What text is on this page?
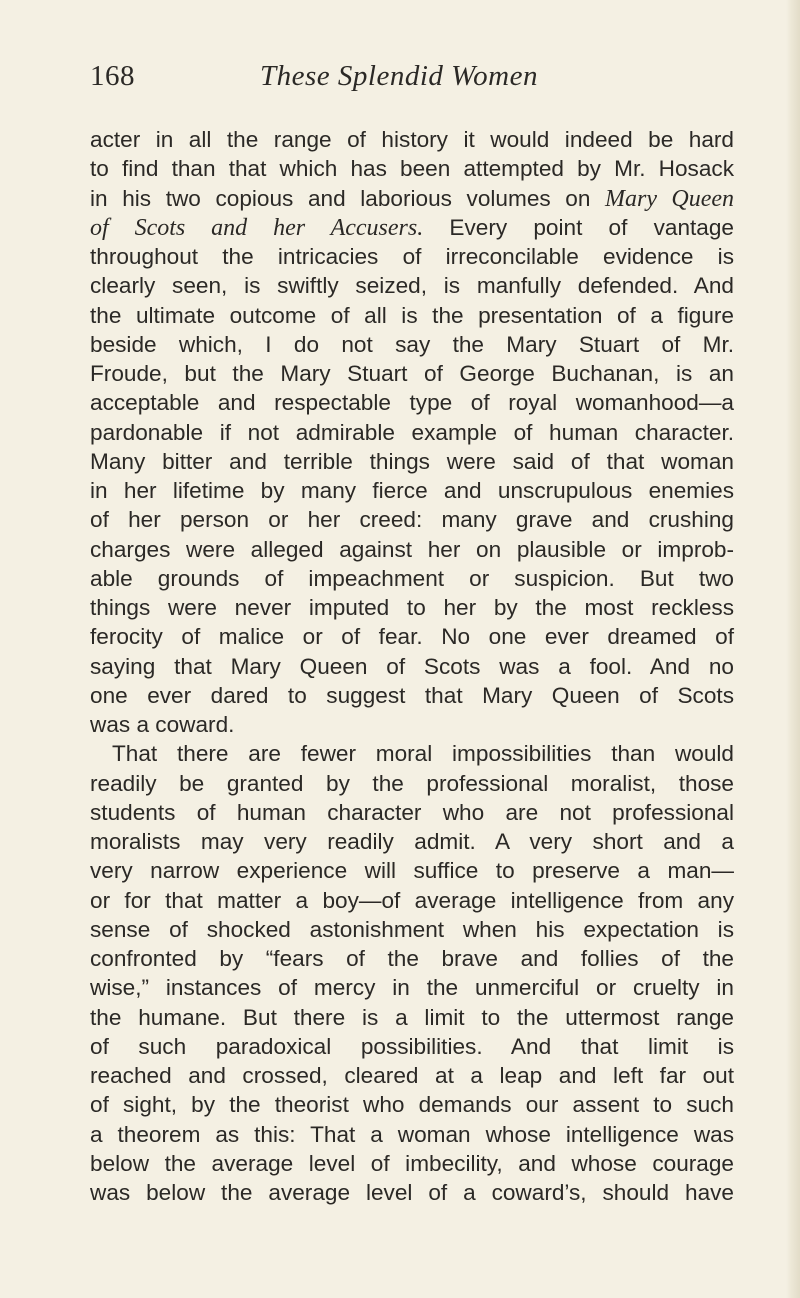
168	These Splendid Women
acter in all the range of history it would indeed be hard
to find than that which has been attempted by Mr. Hosack
in his two copious and laborious volumes on Mary Queen
of Scots and her Accusers. Every point of vantage
throughout the intricacies of irreconcilable evidence is
clearly seen, is swiftly seized, is manfully defended. And
the ultimate outcome of all is the presentation of a figure
beside which, I do not say the Mary Stuart of Mr.
Froude, but the Mary Stuart of George Buchanan, is an
acceptable and respectable type of royal womanhood—a
pardonable if not admirable example of human character.
Many bitter and terrible things were said of that woman
in her lifetime by many fierce and unscrupulous enemies
of her person or her creed: many grave and crushing
charges were alleged against her on plausible or improb-
able grounds of impeachment or suspicion. But two
things were never imputed to her by the most reckless
ferocity of malice or of fear. No one ever dreamed of
saying that Mary Queen of Scots was a fool. And no
one ever dared to suggest that Mary Queen of Scots
was a coward.
That there are fewer moral impossibilities than would
readily be granted by the professional moralist, those
students of human character who are not professional
moralists may very readily admit. A very short and a
very narrow experience will suffice to preserve a man—
or for that matter a boy—of average intelligence from any
sense of shocked astonishment when his expectation is
confronted by “fears of the brave and follies of the
wise,” instances of mercy in the unmerciful or cruelty in
the humane. But there is a limit to the uttermost range
of such paradoxical possibilities. And that limit is
reached and crossed, cleared at a leap and left far out
of sight, by the theorist who demands our assent to such
a theorem as this: That a woman whose intelligence was
below the average level of imbecility, and whose courage
was below the average level of a coward’s, should have
